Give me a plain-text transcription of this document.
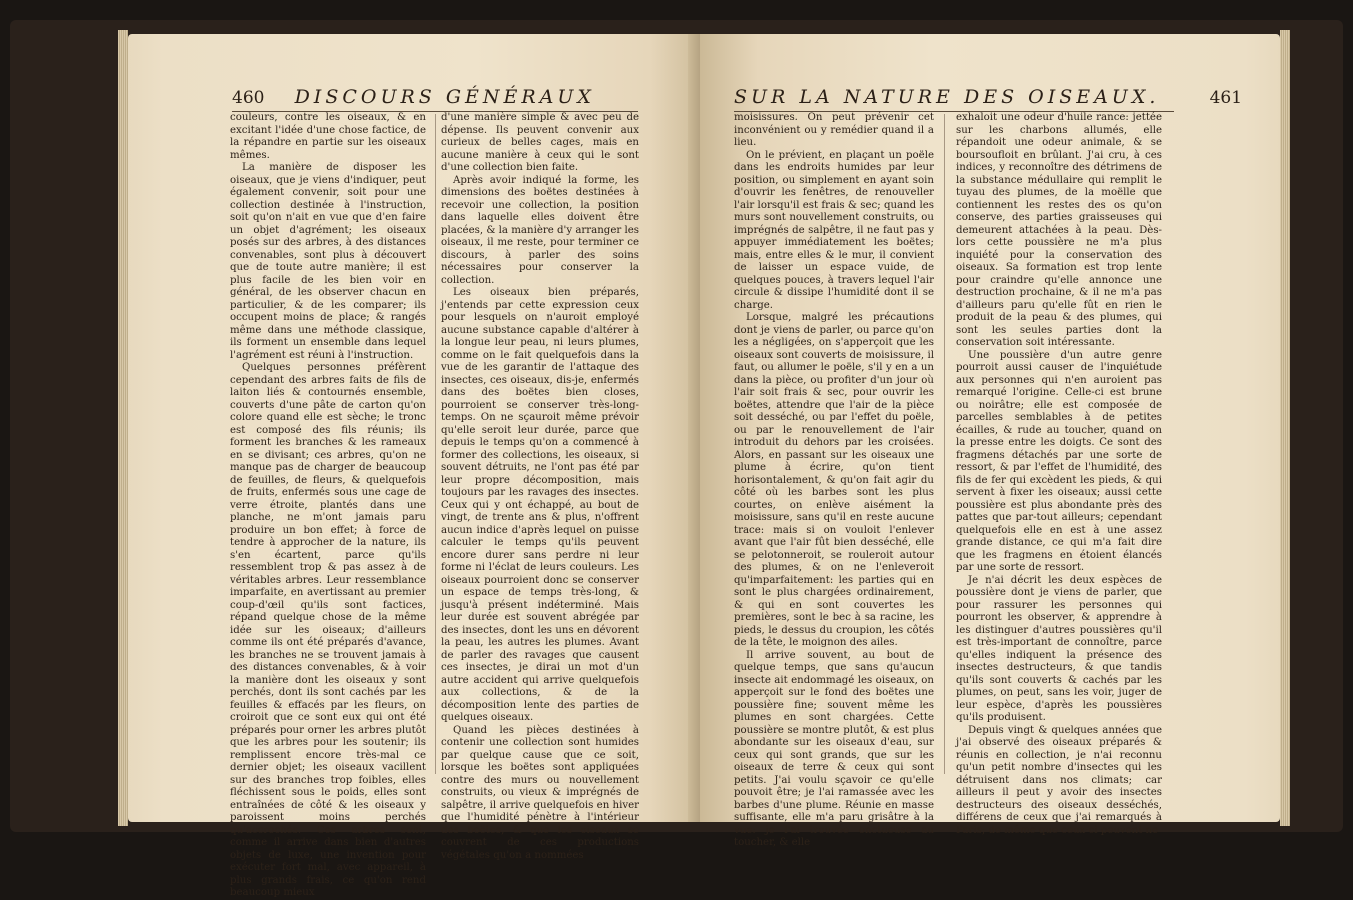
460 DISCOURS GÉNÉRAUX

couleurs, contre les oiseaux, & en excitant l'idée d'une chose factice, de la répandre en partie sur les oiseaux mêmes.

La manière de disposer les oiseaux, que je viens d'indiquer, peut également convenir, soit pour une collection destinée à l'instruction, soit qu'on n'ait en vue que d'en faire un objet d'agrément; les oiseaux posés sur des arbres, à des distances convenables, sont plus à découvert que de toute autre manière; il est plus facile de les bien voir en général, de les observer chacun en particulier, & de les comparer; ils occupent moins de place; & rangés même dans une méthode classique, ils forment un ensemble dans lequel l'agrément est réuni à l'instruction.

Quelques personnes préfèrent cependant des arbres faits de fils de laiton liés & contournés ensemble, couverts d'une pâte de carton qu'on colore quand elle est sèche; le tronc est composé des fils réunis; ils forment les branches & les rameaux en se divisant; ces arbres, qu'on ne manque pas de charger de beaucoup de feuilles, de fleurs, & quelquefois de fruits, enfermés sous une cage de verre étroite, plantés dans une planche, ne m'ont jamais paru produire un bon effet; à force de tendre à approcher de la nature, ils s'en écartent, parce qu'ils ressemblent trop & pas assez à de véritables arbres. Leur ressemblance imparfaite, en avertissant au premier coup-d'œil qu'ils sont factices, répand quelque chose de la même idée sur les oiseaux; d'ailleurs comme ils ont été préparés d'avance, les branches ne se trouvent jamais à des distances convenables, & à voir la manière dont les oiseaux y sont perchés, dont ils sont cachés par les feuilles & effacés par les fleurs, on croiroit que ce sont eux qui ont été préparés pour orner les arbres plutôt que les arbres pour les soutenir; ils remplissent encore très-mal ce dernier objet; les oiseaux vacillent sur des branches trop foibles, elles fléchissent sous le poids, elles sont entraînées de côté & les oiseaux y paroissent moins perchés qu'accrochés. Ces arbres sont, comme il arrive dans bien d'autres objets de luxe, une invention pour exécuter fort mal, avec appareil, à plus grands frais, ce qu'on rend beaucoup mieux

d'une manière simple & avec peu de dépense. Ils peuvent convenir aux curieux de belles cages, mais en aucune manière à ceux qui le sont d'une collection bien faite.

Après avoir indiqué la forme, les dimensions des boëtes destinées à recevoir une collection, la position dans laquelle elles doivent être placées, & la manière d'y arranger les oiseaux, il me reste, pour terminer ce discours, à parler des soins nécessaires pour conserver la collection.

Les oiseaux bien préparés, j'entends par cette expression ceux pour lesquels on n'auroit employé aucune substance capable d'altérer à la longue leur peau, ni leurs plumes, comme on le fait quelquefois dans la vue de les garantir de l'attaque des insectes, ces oiseaux, dis-je, enfermés dans des boëtes bien closes, pourroient se conserver très-long-temps. On ne sçauroit même prévoir qu'elle seroit leur durée, parce que depuis le temps qu'on a commencé à former des collections, les oiseaux, si souvent détruits, ne l'ont pas été par leur propre décomposition, mais toujours par les ravages des insectes. Ceux qui y ont échappé, au bout de vingt, de trente ans & plus, n'offrent aucun indice d'après lequel on puisse calculer le temps qu'ils peuvent encore durer sans perdre ni leur forme ni l'éclat de leurs couleurs. Les oiseaux pourroient donc se conserver un espace de temps très-long, & jusqu'à présent indéterminé. Mais leur durée est souvent abrégée par des insectes, dont les uns en dévorent la peau, les autres les plumes. Avant de parler des ravages que causent ces insectes, je dirai un mot d'un autre accident qui arrive quelquefois aux collections, & de la décomposition lente des parties de quelques oiseaux.

Quand les pièces destinées à contenir une collection sont humides par quelque cause que ce soit, lorsque les boëtes sont appliquées contre des murs ou nouvellement construits, ou vieux & imprégnés de salpêtre, il arrive quelquefois en hiver que l'humidité pénètre à l'intérieur des boëtes, & que les oiseaux se couvrent de ces productions végétales qu'on a nommées

SUR LA NATURE DES OISEAUX.	461

moisissures. On peut prévenir cet inconvénient ou y remédier quand il a lieu.

On le prévient, en plaçant un poële dans les endroits humides par leur position, ou simplement en ayant soin d'ouvrir les fenêtres, de renouveller l'air lorsqu'il est frais & sec; quand les murs sont nouvellement construits, ou imprégnés de salpêtre, il ne faut pas y appuyer immédiatement les boëtes; mais, entre elles & le mur, il convient de laisser un espace vuide, de quelques pouces, à travers lequel l'air circule & dissipe l'humidité dont il se charge.

Lorsque, malgré les précautions dont je viens de parler, ou parce qu'on les a négligées, on s'apperçoit que les oiseaux sont couverts de moisissure, il faut, ou allumer le poële, s'il y en a un dans la pièce, ou profiter d'un jour où l'air soit frais & sec, pour ouvrir les boëtes, attendre que l'air de la pièce soit desséché, ou par l'effet du poële, ou par le renouvellement de l'air introduit du dehors par les croisées. Alors, en passant sur les oiseaux une plume à écrire, qu'on tient horisontalement, & qu'on fait agir du côté où les barbes sont les plus courtes, on enlève aisément la moisissure, sans qu'il en reste aucune trace: mais si on vouloit l'enlever avant que l'air fût bien desséché, elle se pelotonneroit, se rouleroit autour des plumes, & on ne l'enleveroit qu'imparfaitement: les parties qui en sont le plus chargées ordinairement, & qui en sont couvertes les premières, sont le bec à sa racine, les pieds, le dessus du croupion, les côtés de la tête, le moignon des ailes.

Il arrive souvent, au bout de quelque temps, que sans qu'aucun insecte ait endommagé les oiseaux, on apperçoit sur le fond des boëtes une poussière fine; souvent même les plumes en sont chargées. Cette poussière se montre plutôt, & est plus abondante sur les oiseaux d'eau, sur ceux qui sont grands, que sur les oiseaux de terre & ceux qui sont petits. J'ai voulu sçavoir ce qu'elle pouvoit être; je l'ai ramassée avec les barbes d'une plume. Réunie en masse suffisante, elle m'a paru grisâtre à la vue: je l'ai trouvée onctueuse au toucher, & elle

exhaloit une odeur d'huile rance: jettée sur les charbons allumés, elle répandoit une odeur animale, & se boursoufloit en brûlant. J'ai cru, à ces indices, y reconnoître des détrimens de la substance médullaire qui remplit le tuyau des plumes, de la moëlle que contiennent les restes des os qu'on conserve, des parties graisseuses qui demeurent attachées à la peau. Dès-lors cette poussière ne m'a plus inquiété pour la conservation des oiseaux. Sa formation est trop lente pour craindre qu'elle annonce une destruction prochaine, & il ne m'a pas d'ailleurs paru qu'elle fût en rien le produit de la peau & des plumes, qui sont les seules parties dont la conservation soit intéressante.

Une poussière d'un autre genre pourroit aussi causer de l'inquiétude aux personnes qui n'en auroient pas remarqué l'origine. Celle-ci est brune ou noirâtre; elle est composée de parcelles semblables à de petites écailles, & rude au toucher, quand on la presse entre les doigts. Ce sont des fragmens détachés par une sorte de ressort, & par l'effet de l'humidité, des fils de fer qui excèdent les pieds, & qui servent à fixer les oiseaux; aussi cette poussière est plus abondante près des pattes que par-tout ailleurs; cependant quelquefois elle en est à une assez grande distance, ce qui m'a fait dire que les fragmens en étoient élancés par une sorte de ressort.

Je n'ai décrit les deux espèces de poussière dont je viens de parler, que pour rassurer les personnes qui pourront les observer, & apprendre à les distinguer d'autres poussières qu'il est très-important de connoître, parce qu'elles indiquent la présence des insectes destructeurs, & que tandis qu'ils sont couverts & cachés par les plumes, on peut, sans les voir, juger de leur espèce, d'après les poussières qu'ils produisent.

Depuis vingt & quelques années que j'ai observé des oiseaux préparés & réunis en collection, je n'ai reconnu qu'un petit nombre d'insectes qui les détruisent dans nos climats; car ailleurs il peut y avoir des insectes destructeurs des oiseaux desséchés, différens de ceux que j'ai remarqués à Paris; de même que ceux-ci peuvent ne
